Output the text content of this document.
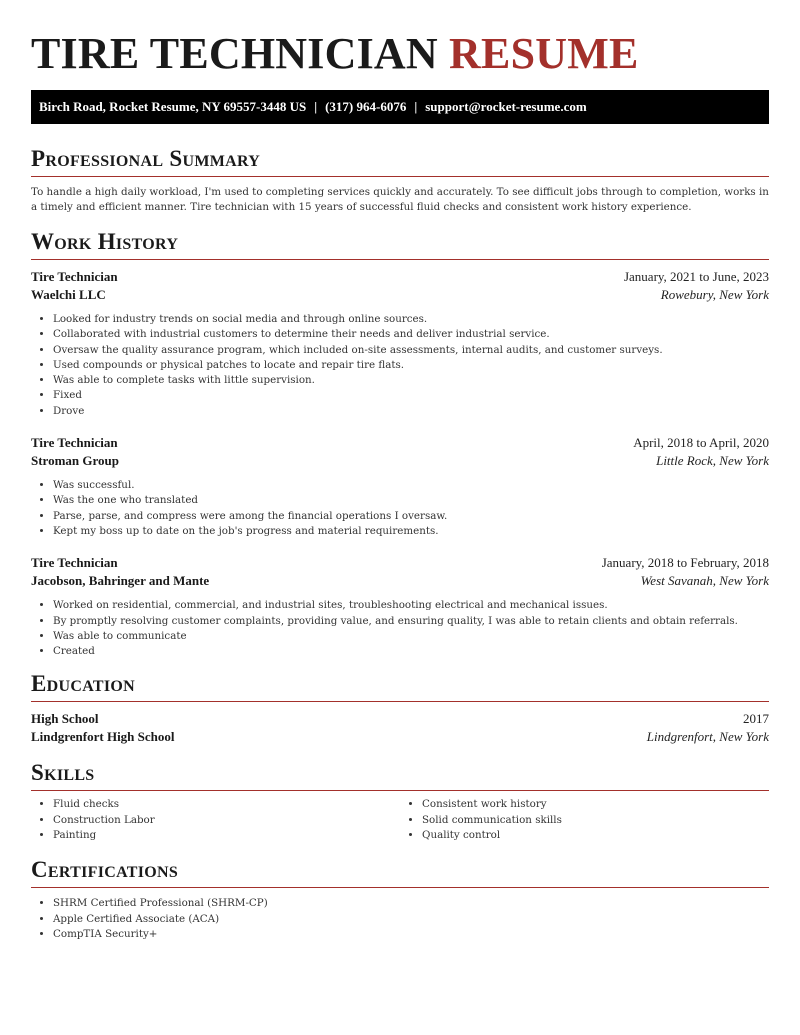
TIRE TECHNICIAN RESUME
Birch Road, Rocket Resume, NY 69557-3448 US | (317) 964-6076 | support@rocket-resume.com
Professional Summary

To handle a high daily workload, I'm used to completing services quickly and accurately. To see difficult jobs through to completion, works in a timely and efficient manner. Tire technician with 15 years of successful fluid checks and consistent work history experience.

Work History
Tire Technician	January, 2021 to June, 2023
Waelchi LLC	Rowebury, New York
• Looked for industry trends on social media and through online sources.
• Collaborated with industrial customers to determine their needs and deliver industrial service.
• Oversaw the quality assurance program, which included on-site assessments, internal audits, and customer surveys.
• Used compounds or physical patches to locate and repair tire flats.
• Was able to complete tasks with little supervision.
• Fixed
• Drove
Tire Technician	April, 2018 to April, 2020
Stroman Group	Little Rock, New York
• Was successful.
• Was the one who translated
• Parse, parse, and compress were among the financial operations I oversaw.
• Kept my boss up to date on the job's progress and material requirements.
Tire Technician	January, 2018 to February, 2018
Jacobson, Bahringer and Mante	West Savanah, New York
• Worked on residential, commercial, and industrial sites, troubleshooting electrical and mechanical issues.
• By promptly resolving customer complaints, providing value, and ensuring quality, I was able to retain clients and obtain referrals.
• Was able to communicate
• Created
Education
High School	2017
Lindgrenfort High School	Lindgrenfort, New York
Skills
• Fluid checks
• Construction Labor
• Painting
• Consistent work history
• Solid communication skills
• Quality control
Certifications
• SHRM Certified Professional (SHRM-CP)
• Apple Certified Associate (ACA)
• CompTIA Security+
